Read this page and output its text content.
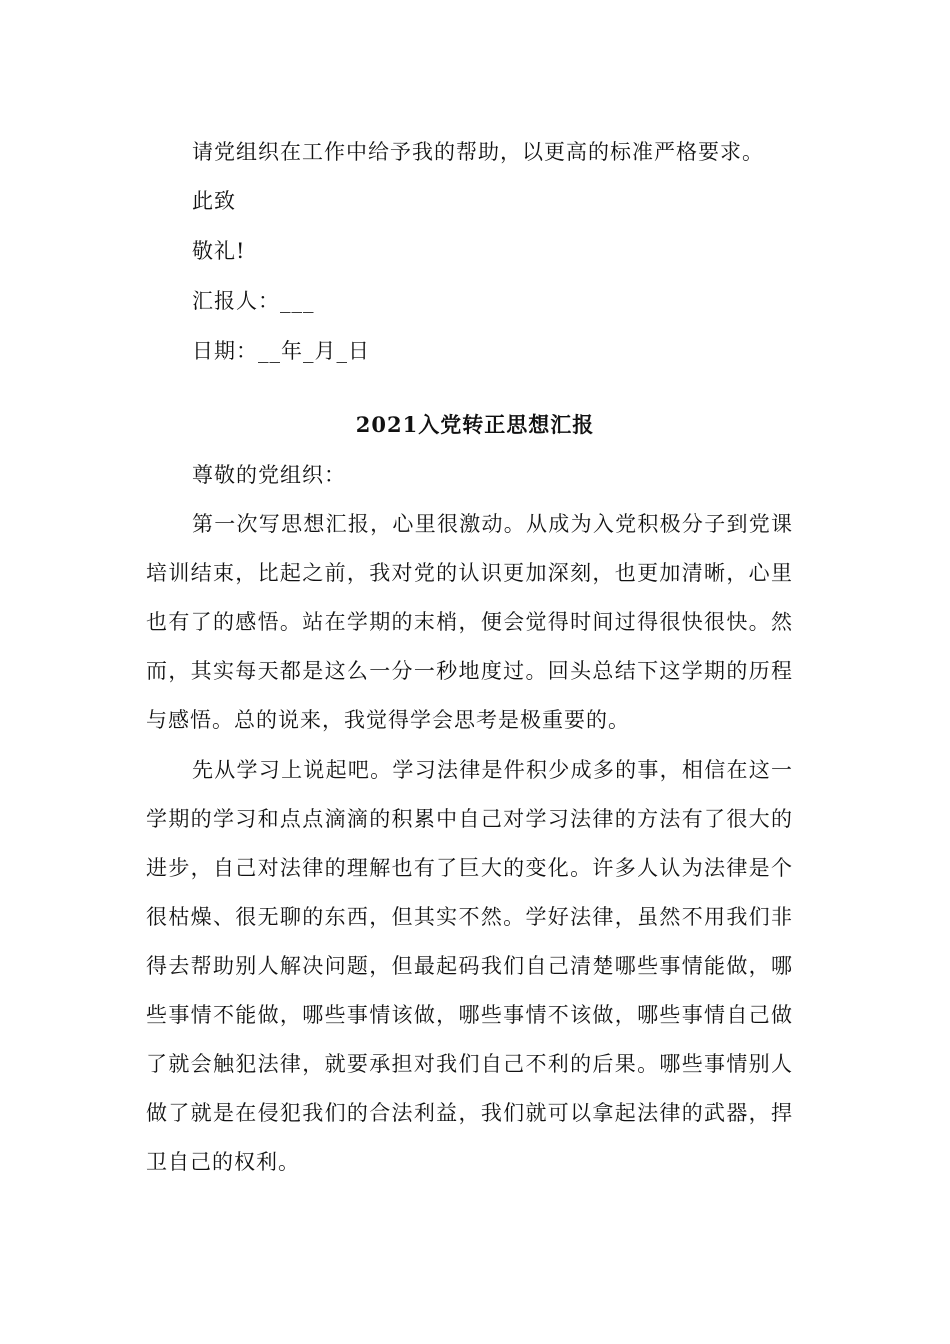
请党组织在工作中给予我的帮助，以更高的标准严格要求。
此致
敬礼!
汇报人：___
日期：__年_月_日
2021入党转正思想汇报
尊敬的党组织：

第一次写思想汇报，心里很激动。从成为入党积极分子到党课培训结束，比起之前，我对党的认识更加深刻，也更加清晰，心里也有了的感悟。站在学期的末梢，便会觉得时间过得很快很快。然而，其实每天都是这么一分一秒地度过。回头总结下这学期的历程与感悟。总的说来，我觉得学会思考是极重要的。

先从学习上说起吧。学习法律是件积少成多的事，相信在这一学期的学习和点点滴滴的积累中自己对学习法律的方法有了很大的进步，自己对法律的理解也有了巨大的变化。许多人认为法律是个很枯燥、很无聊的东西，但其实不然。学好法律，虽然不用我们非得去帮助别人解决问题，但最起码我们自己清楚哪些事情能做，哪些事情不能做，哪些事情该做，哪些事情不该做，哪些事情自己做了就会触犯法律，就要承担对我们自己不利的后果。哪些事情别人做了就是在侵犯我们的合法利益，我们就可以拿起法律的武器，捍卫自己的权利。
